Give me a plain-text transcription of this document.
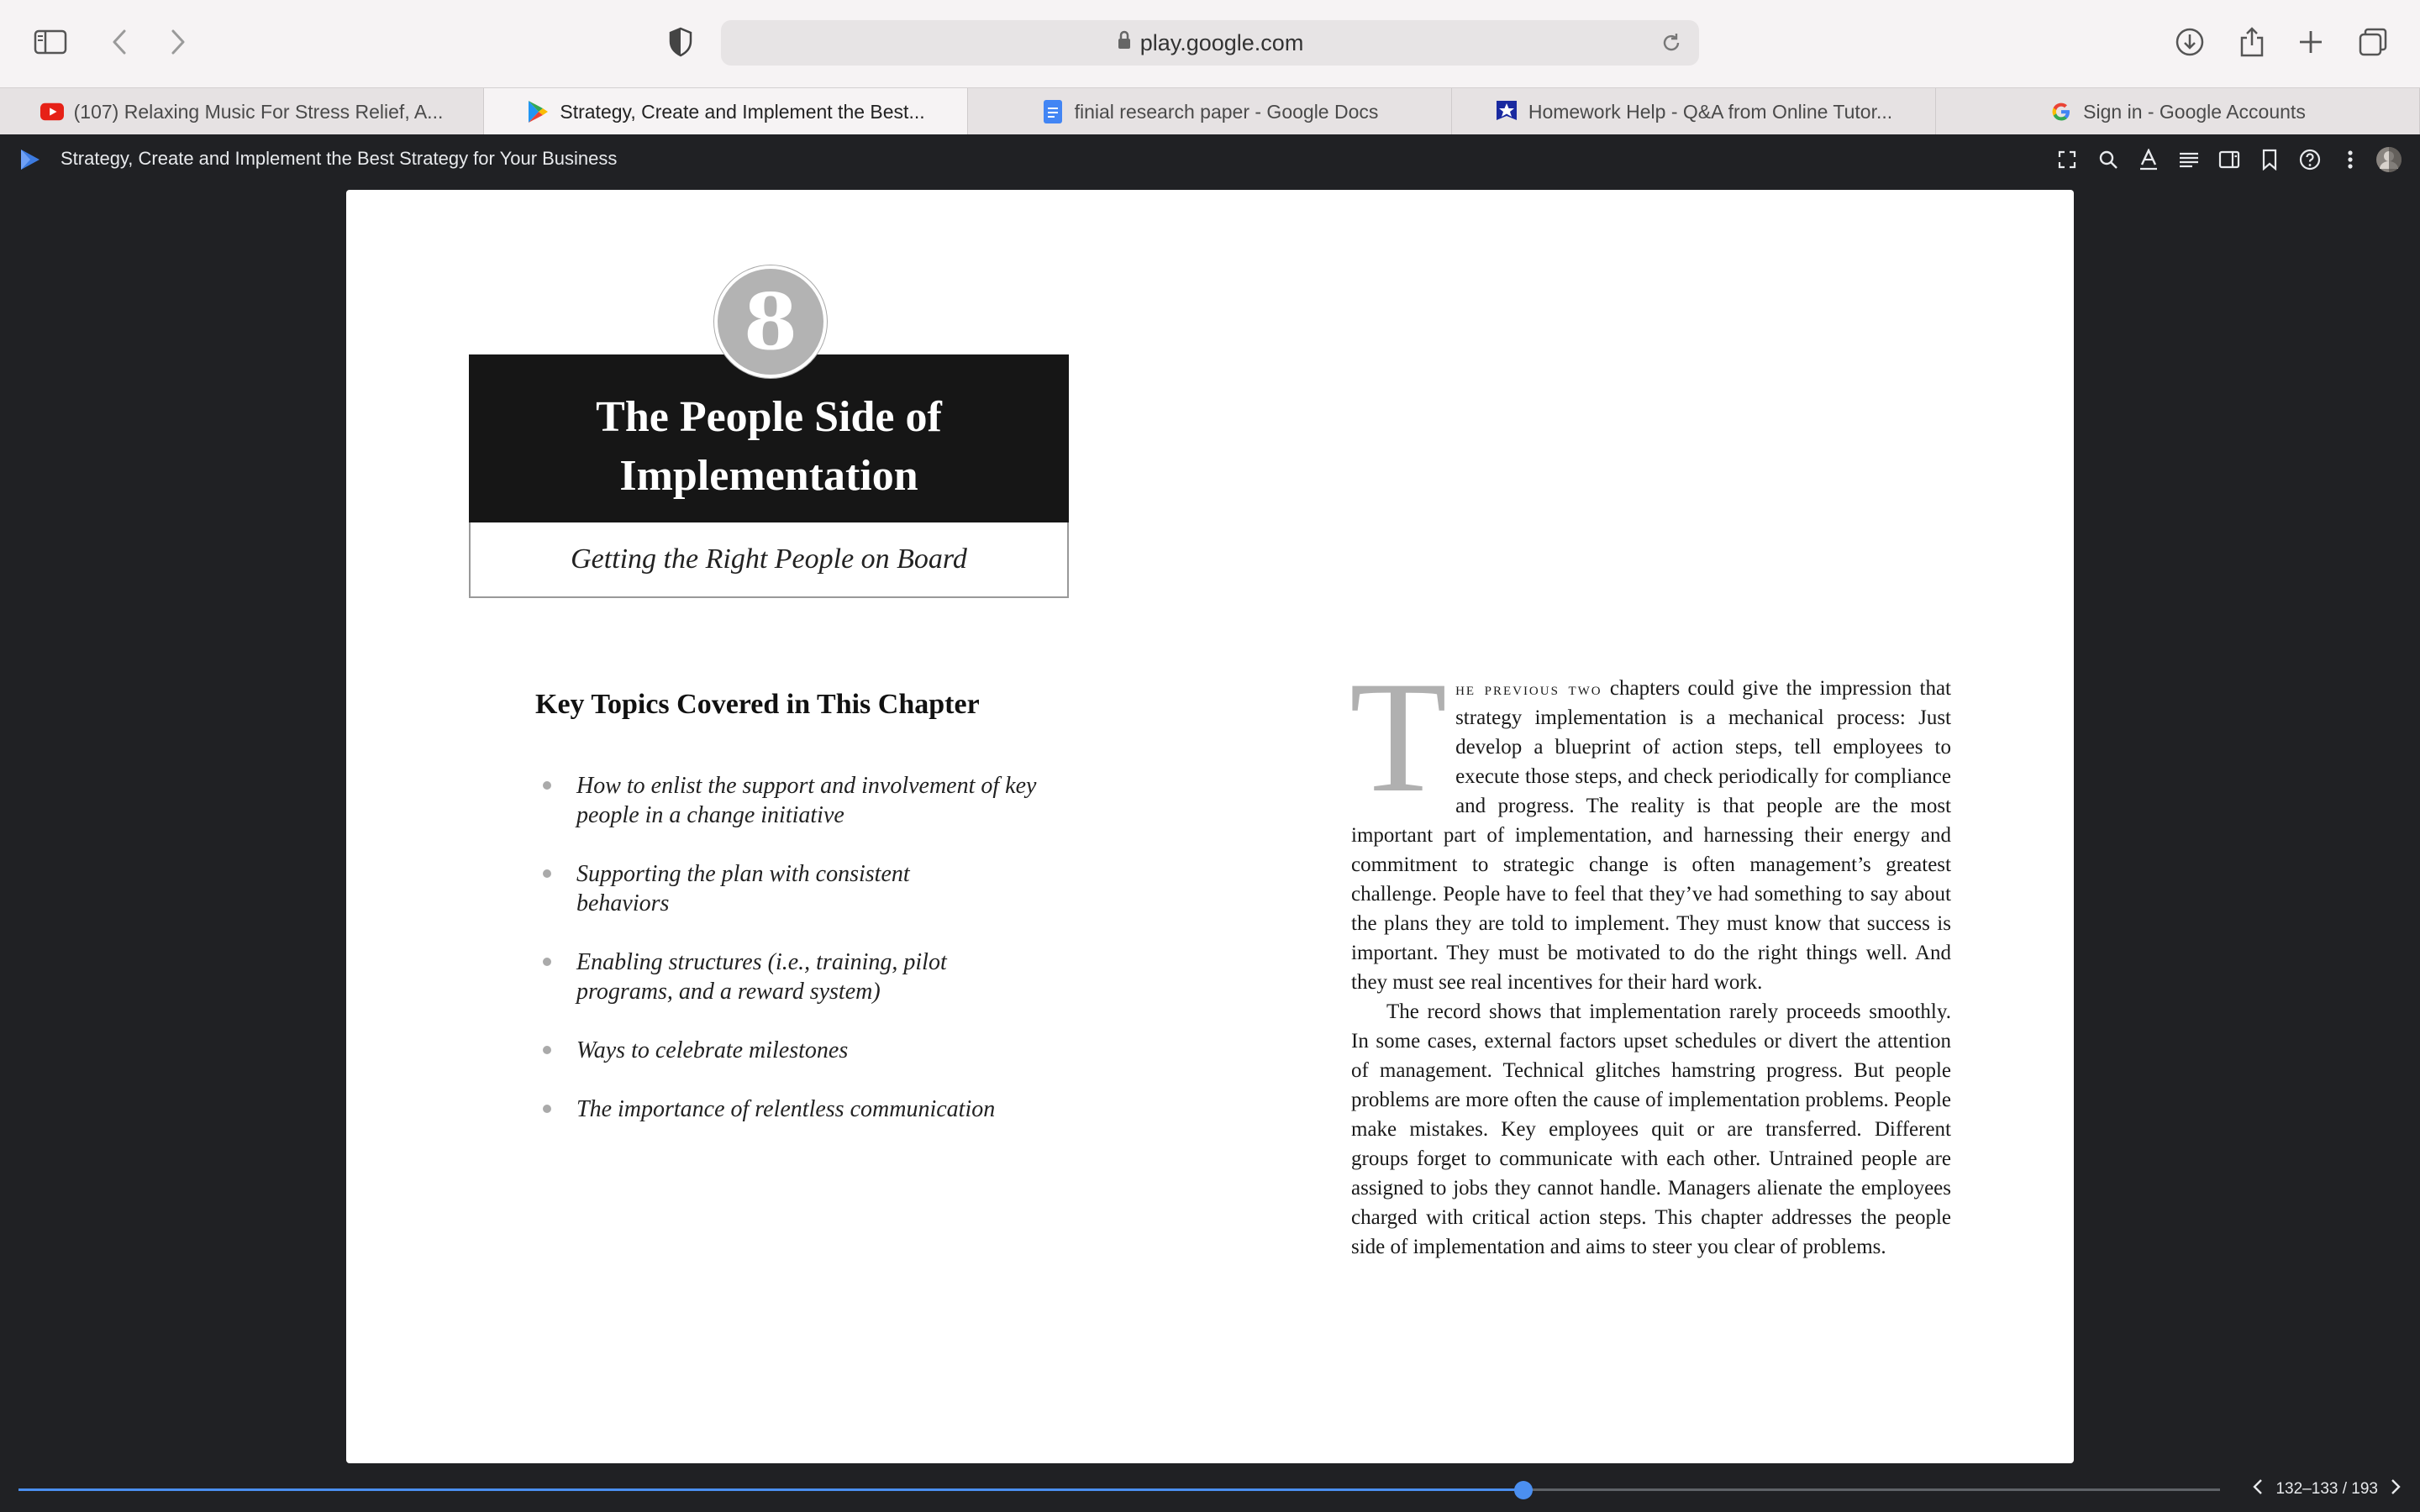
play.google.com
(107) Relaxing Music For Stress Relief, A...	Strategy, Create and Implement the Best...	finial research paper - Google Docs	Homework Help - Q&A from Online Tutor...	Sign in - Google Accounts
Strategy, Create and Implement the Best Strategy for Your Business
8
The People Side of Implementation
Getting the Right People on Board
Key Topics Covered in This Chapter
How to enlist the support and involvement of key people in a change initiative
Supporting the plan with consistent behaviors
Enabling structures (i.e., training, pilot programs, and a reward system)
Ways to celebrate milestones
The importance of relentless communication

The previous two chapters could give the impression that strategy implementation is a mechanical process: Just develop a blueprint of action steps, tell employees to execute those steps, and check periodically for compliance and progress. The reality is that people are the most important part of implementation, and harnessing their energy and commitment to strategic change is often management’s greatest challenge. People have to feel that they’ve had something to say about the plans they are told to implement. They must know that success is important. They must be motivated to do the right things well. And they must see real incentives for their hard work.

The record shows that implementation rarely proceeds smoothly. In some cases, external factors upset schedules or divert the attention of management. Technical glitches hamstring progress. But people problems are more often the cause of implementation problems. People make mistakes. Key employees quit or are transferred. Different groups forget to communicate with each other. Untrained people are assigned to jobs they cannot handle. Managers alienate the employees charged with critical action steps. This chapter addresses the people side of implementation and aims to steer you clear of problems.

132–133 / 193
